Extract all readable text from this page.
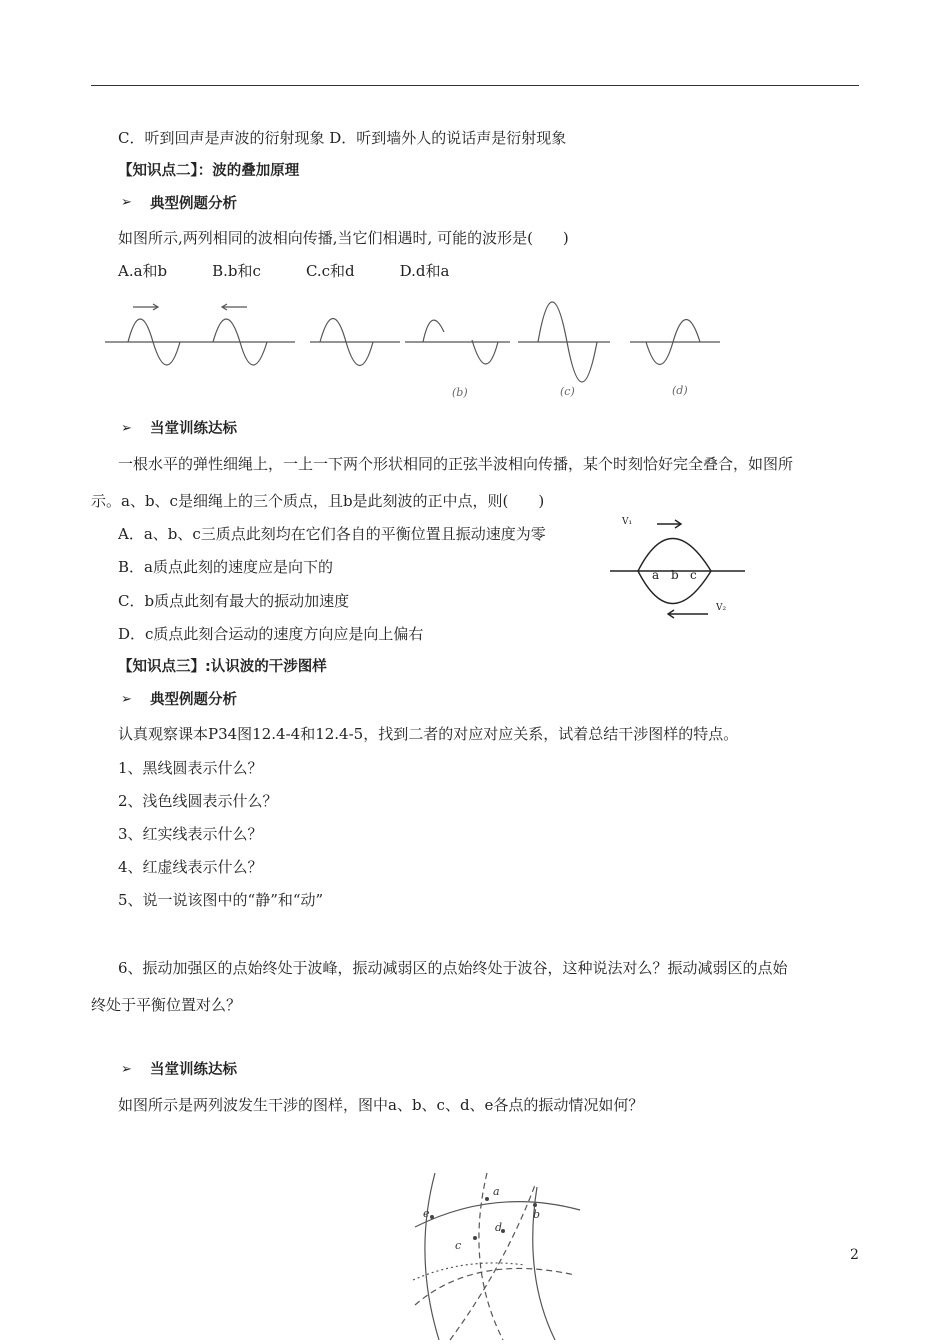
C．听到回声是声波的衍射现象 D．听到墙外人的说话声是衍射现象
【知识点二】：波的叠加原理
➢ 典型例题分析
如图所示,两列相同的波相向传播,当它们相遇时, 可能的波形是(　　)
A.a和b　　　B.b和c　　　C.c和d　　　D.d和a
(b)	(c)	(d)
➢ 当堂训练达标
一根水平的弹性细绳上，一上一下两个形状相同的正弦半波相向传播，某个时刻恰好完全叠合，如图所
示。a、b、c是细绳上的三个质点，且b是此刻波的正中点，则(　　)
A．a、b、c三质点此刻均在它们各自的平衡位置且振动速度为零
B．a质点此刻的速度应是向下的
C．b质点此刻有最大的振动加速度
D．c质点此刻合运动的速度方向应是向上偏右
V₁
V₂
a b c
【知识点三】:认识波的干涉图样
➢ 典型例题分析
认真观察课本P34图12.4-4和12.4-5，找到二者的对应对应关系，试着总结干涉图样的特点。
1、黑线圆表示什么？
2、浅色线圆表示什么？
3、红实线表示什么？
4、红虚线表示什么？
5、说一说该图中的“静”和“动”
6、振动加强区的点始终处于波峰，振动减弱区的点始终处于波谷，这种说法对么？振动减弱区的点始
终处于平衡位置对么？
➢ 当堂训练达标
如图所示是两列波发生干涉的图样，图中a、b、c、d、e各点的振动情况如何？
a
b
c
d
e
2
